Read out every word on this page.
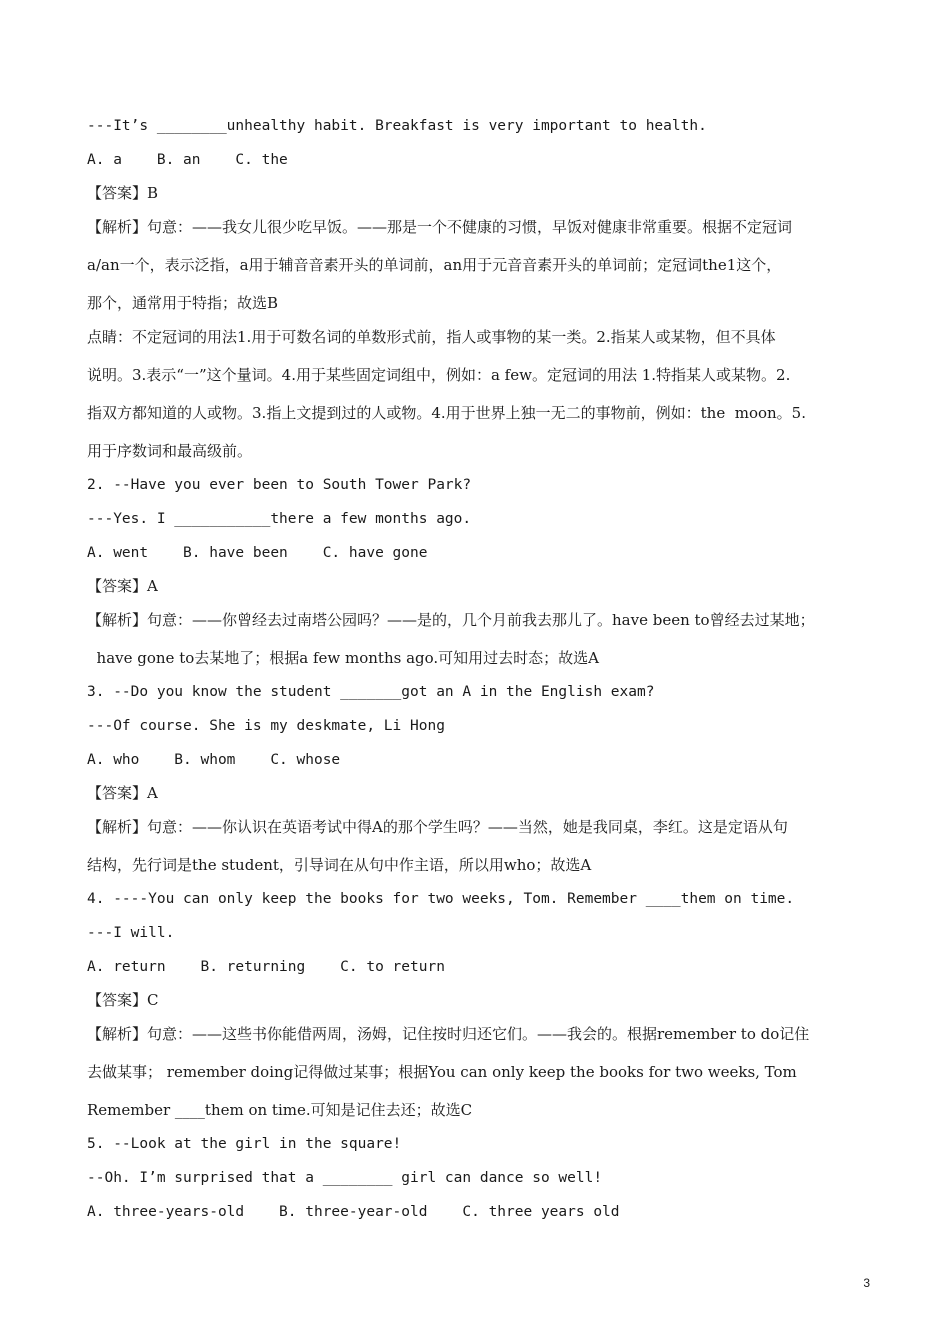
---It’s ________unhealthy habit. Breakfast is very important to health.
A. a    B. an    C. the
【答案】B
【解析】句意：——我女儿很少吃早饭。——那是一个不健康的习惯，早饭对健康非常重要。根据不定冠词
a/an一个，表示泛指，a用于辅音音素开头的单词前，an用于元音音素开头的单词前；定冠词the1这个，
那个，通常用于特指；故选B
点睛：不定冠词的用法1.用于可数名词的单数形式前，指人或事物的某一类。2.指某人或某物，但不具体
说明。3.表示“一”这个量词。4.用于某些固定词组中，例如：a few。定冠词的用法 1.特指某人或某物。2.
指双方都知道的人或物。3.指上文提到过的人或物。4.用于世界上独一无二的事物前，例如：the  moon。5.
用于序数词和最高级前。
2. --Have you ever been to South Tower Park?
---Yes. I ___________there a few months ago.
A. went    B. have been    C. have gone
【答案】A
【解析】句意：——你曾经去过南塔公园吗？——是的，几个月前我去那儿了。have been to曾经去过某地；
have gone to去某地了；根据a few months ago.可知用过去时态；故选A
3. --Do you know the student _______got an A in the English exam?
---Of course. She is my deskmate, Li Hong
A. who    B. whom    C. whose
【答案】A
【解析】句意：——你认识在英语考试中得A的那个学生吗？——当然，她是我同桌，李红。这是定语从句
结构，先行词是the student，引导词在从句中作主语，所以用who；故选A
4. ----You can only keep the books for two weeks, Tom. Remember ____them on time.
---I will.
A. return    B. returning    C. to return
【答案】C
【解析】句意：——这些书你能借两周，汤姆，记住按时归还它们。——我会的。根据remember to do记住
去做某事； remember doing记得做过某事；根据You can only keep the books for two weeks, Tom
Remember ____them on time.可知是记住去还；故选C
5. --Look at the girl in the square!
--Oh. I’m surprised that a ________ girl can dance so well!
A. three-years-old    B. three-year-old    C. three years old
3
